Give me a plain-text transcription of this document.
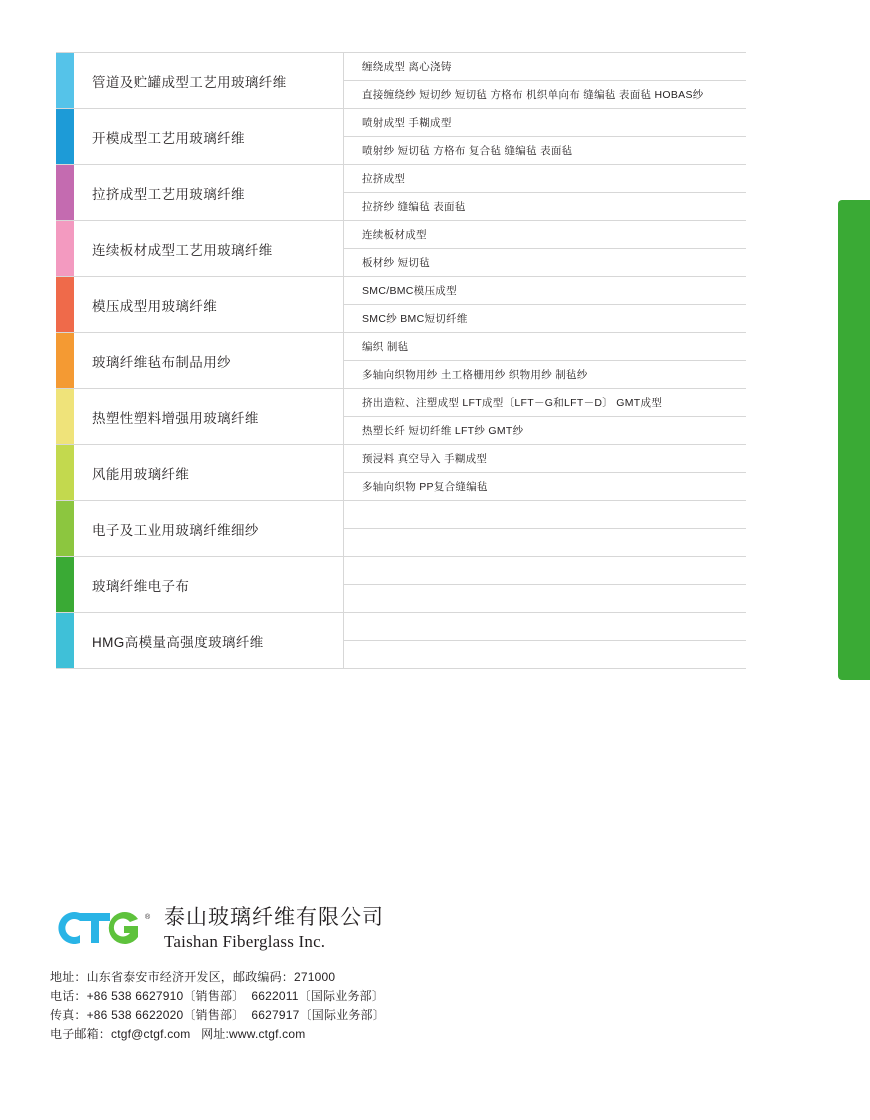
管道及贮罐成型工艺用玻璃纤维
缠绕成型 离心浇铸
直接缠绕纱 短切纱 短切毡 方格布 机织单向布 缝编毡 表面毡 HOBAS纱
开模成型工艺用玻璃纤维
喷射成型 手糊成型
喷射纱 短切毡 方格布 复合毡 缝编毡 表面毡
拉挤成型工艺用玻璃纤维
拉挤成型
拉挤纱 缝编毡 表面毡
连续板材成型工艺用玻璃纤维
连续板材成型
板材纱 短切毡
模压成型用玻璃纤维
SMC/BMC模压成型
SMC纱 BMC短切纤维
玻璃纤维毡布制品用纱
编织 制毡
多轴向织物用纱 土工格栅用纱 织物用纱 制毡纱
热塑性塑料增强用玻璃纤维
挤出造粒、注塑成型 LFT成型〔LFT－G和LFT－D〕 GMT成型
热塑长纤 短切纤维 LFT纱 GMT纱
风能用玻璃纤维
预浸料 真空导入 手糊成型
多轴向织物 PP复合缝编毡
电子及工业用玻璃纤维细纱
玻璃纤维电子布
HMG高模量高强度玻璃纤维
® 泰山玻璃纤维有限公司
Taishan Fiberglass Inc.
地址：山东省泰安市经济开发区，邮政编码：271000
电话：+86 538 6627910〔销售部〕  6622011〔国际业务部〕
传真：+86 538 6622020〔销售部〕  6627917〔国际业务部〕
电子邮箱：ctgf@ctgf.com   网址:www.ctgf.com
